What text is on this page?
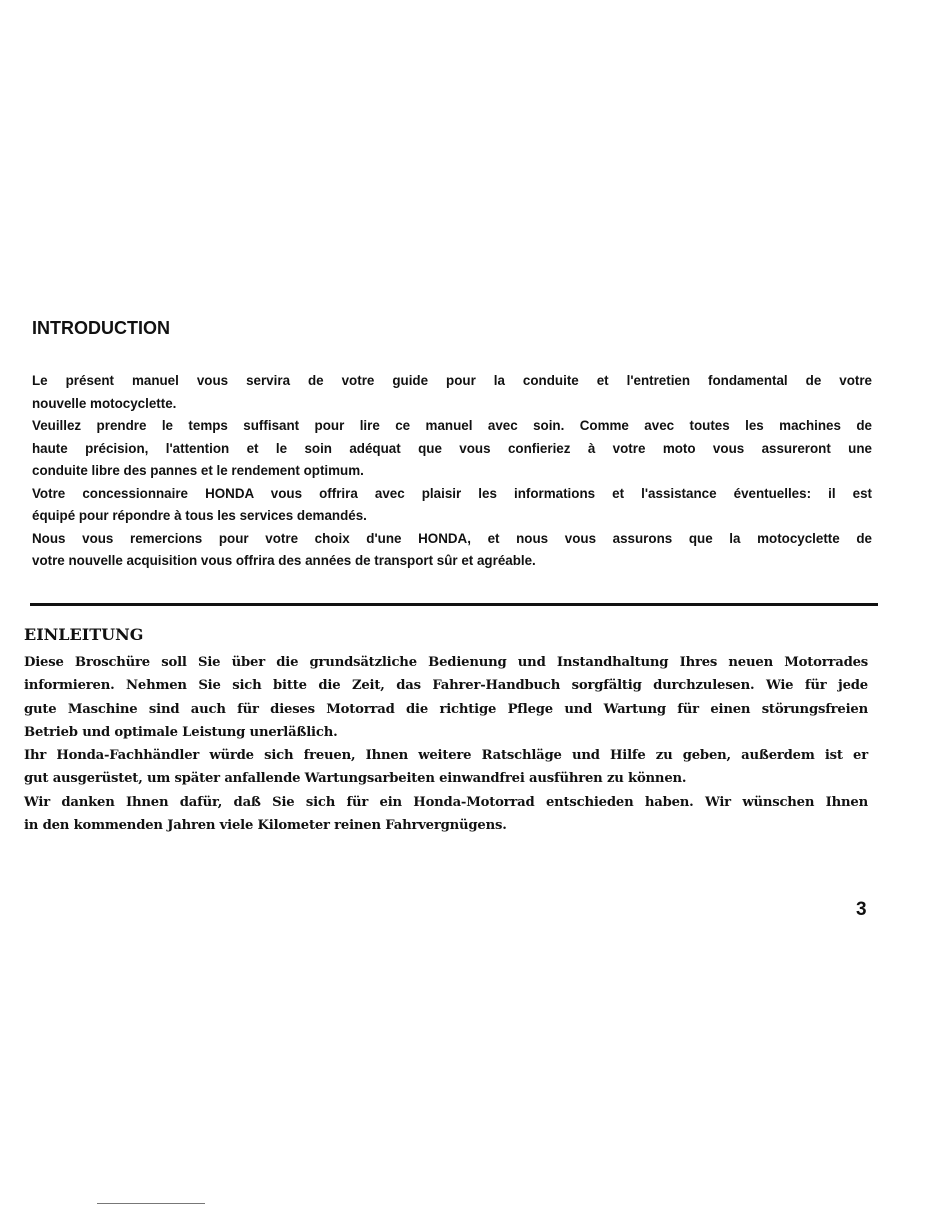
INTRODUCTION
Le présent manuel vous servira de votre guide pour la conduite et l'entretien fondamental de votre
nouvelle motocyclette.
Veuillez prendre le temps suffisant pour lire ce manuel avec soin. Comme avec toutes les machines de
haute précision, l'attention et le soin adéquat que vous confieriez à votre moto vous assureront une
conduite libre des pannes et le rendement optimum.
Votre concessionnaire HONDA vous offrira avec plaisir les informations et l'assistance éventuelles: il est
équipé pour répondre à tous les services demandés.
Nous vous remercions pour votre choix d'une HONDA, et nous vous assurons que la motocyclette de
votre nouvelle acquisition vous offrira des années de transport sûr et agréable.
EINLEITUNG
Diese Broschüre soll Sie über die grundsätzliche Bedienung und Instandhaltung Ihres neuen Motorrades
informieren. Nehmen Sie sich bitte die Zeit, das Fahrer-Handbuch sorgfältig durchzulesen. Wie für jede
gute Maschine sind auch für dieses Motorrad die richtige Pflege und Wartung für einen störungsfreien
Betrieb und optimale Leistung unerläßlich.
Ihr Honda-Fachhändler würde sich freuen, Ihnen weitere Ratschläge und Hilfe zu geben, außerdem ist er
gut ausgerüstet, um später anfallende Wartungsarbeiten einwandfrei ausführen zu können.
Wir danken Ihnen dafür, daß Sie sich für ein Honda-Motorrad entschieden haben. Wir wünschen Ihnen
in den kommenden Jahren viele Kilometer reinen Fahrvergnügens.
3
